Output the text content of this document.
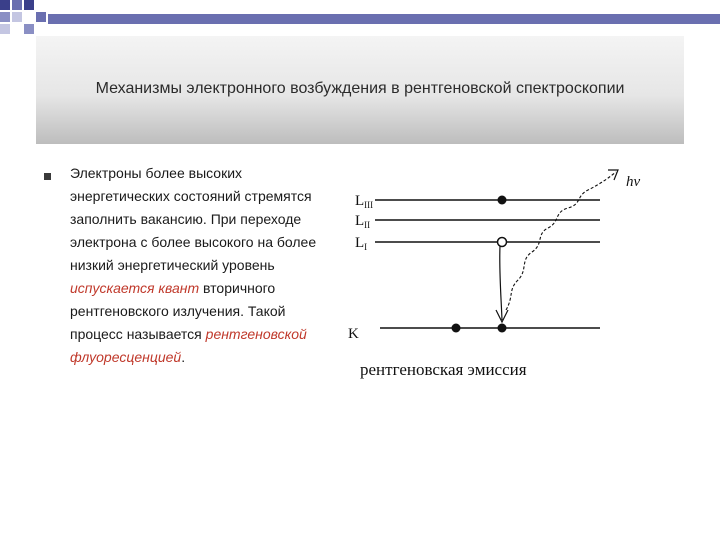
Механизмы электронного возбуждения в рентгеновской спектроскопии
Электроны более высоких энергетических состояний стремятся заполнить вакансию. При переходе электрона с более высокого на более низкий энергетический уровень испускается квант вторичного рентгеновского излучения. Такой процесс называется рентгеновской флуоресценцией.
$L_{III}$
$L_{II}$
$L_I$
K
hν
рентгеновская эмиссия
